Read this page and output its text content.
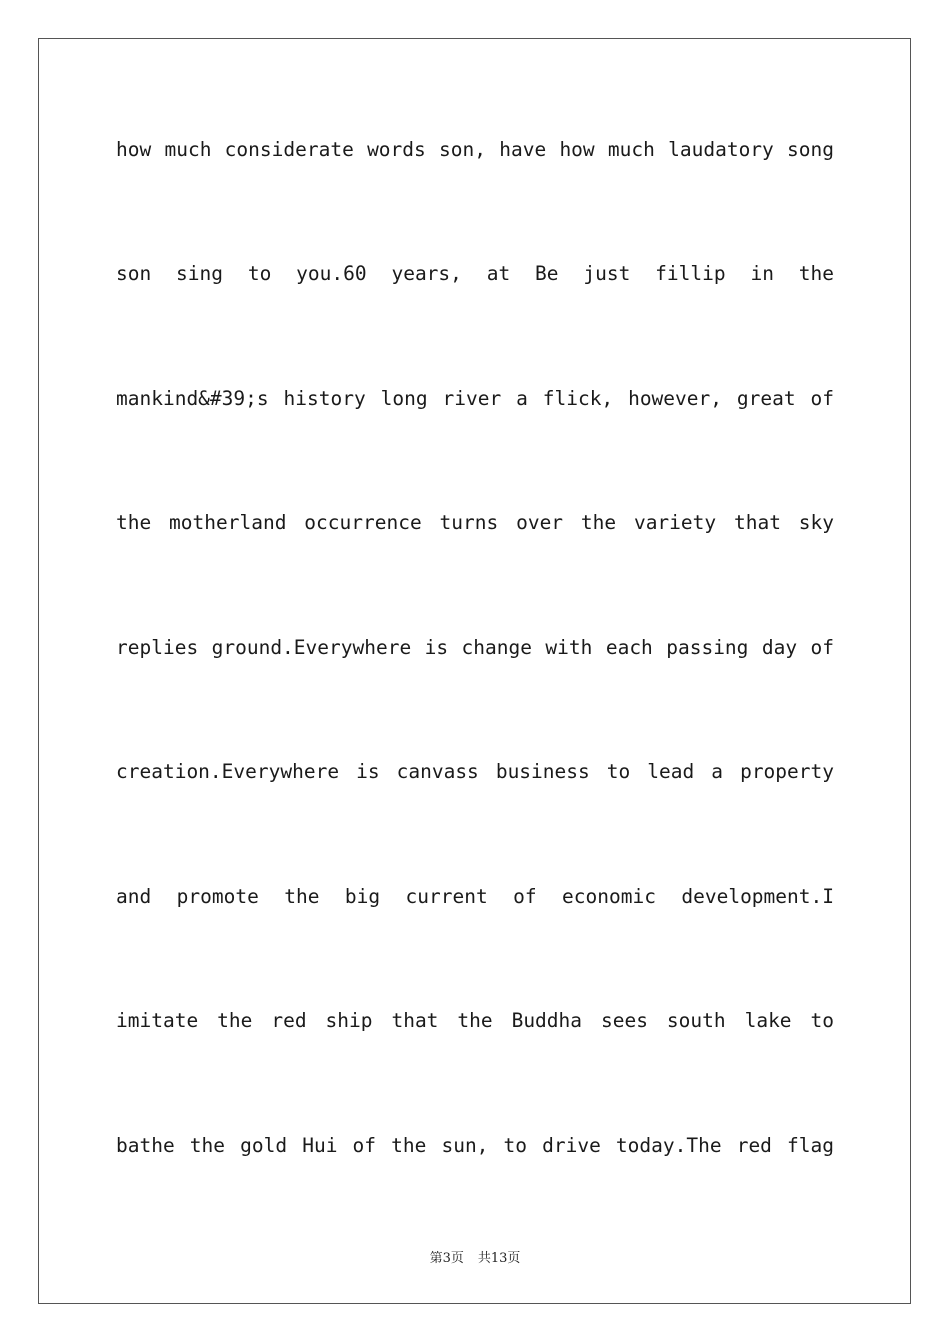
how much considerate words son, have how much laudatory song
son sing to you.60 years, at Be just fillip in the
mankind&#39;s history long river a flick, however, great of
the motherland occurrence turns over the variety that sky
replies ground.Everywhere is change with each passing day of
creation.Everywhere is canvass business to lead a property
and promote the big current of economic development.I
imitate the red ship that the Buddha sees south lake to
bathe the gold Hui of the sun, to drive today.The red flag
第3页 共13页
